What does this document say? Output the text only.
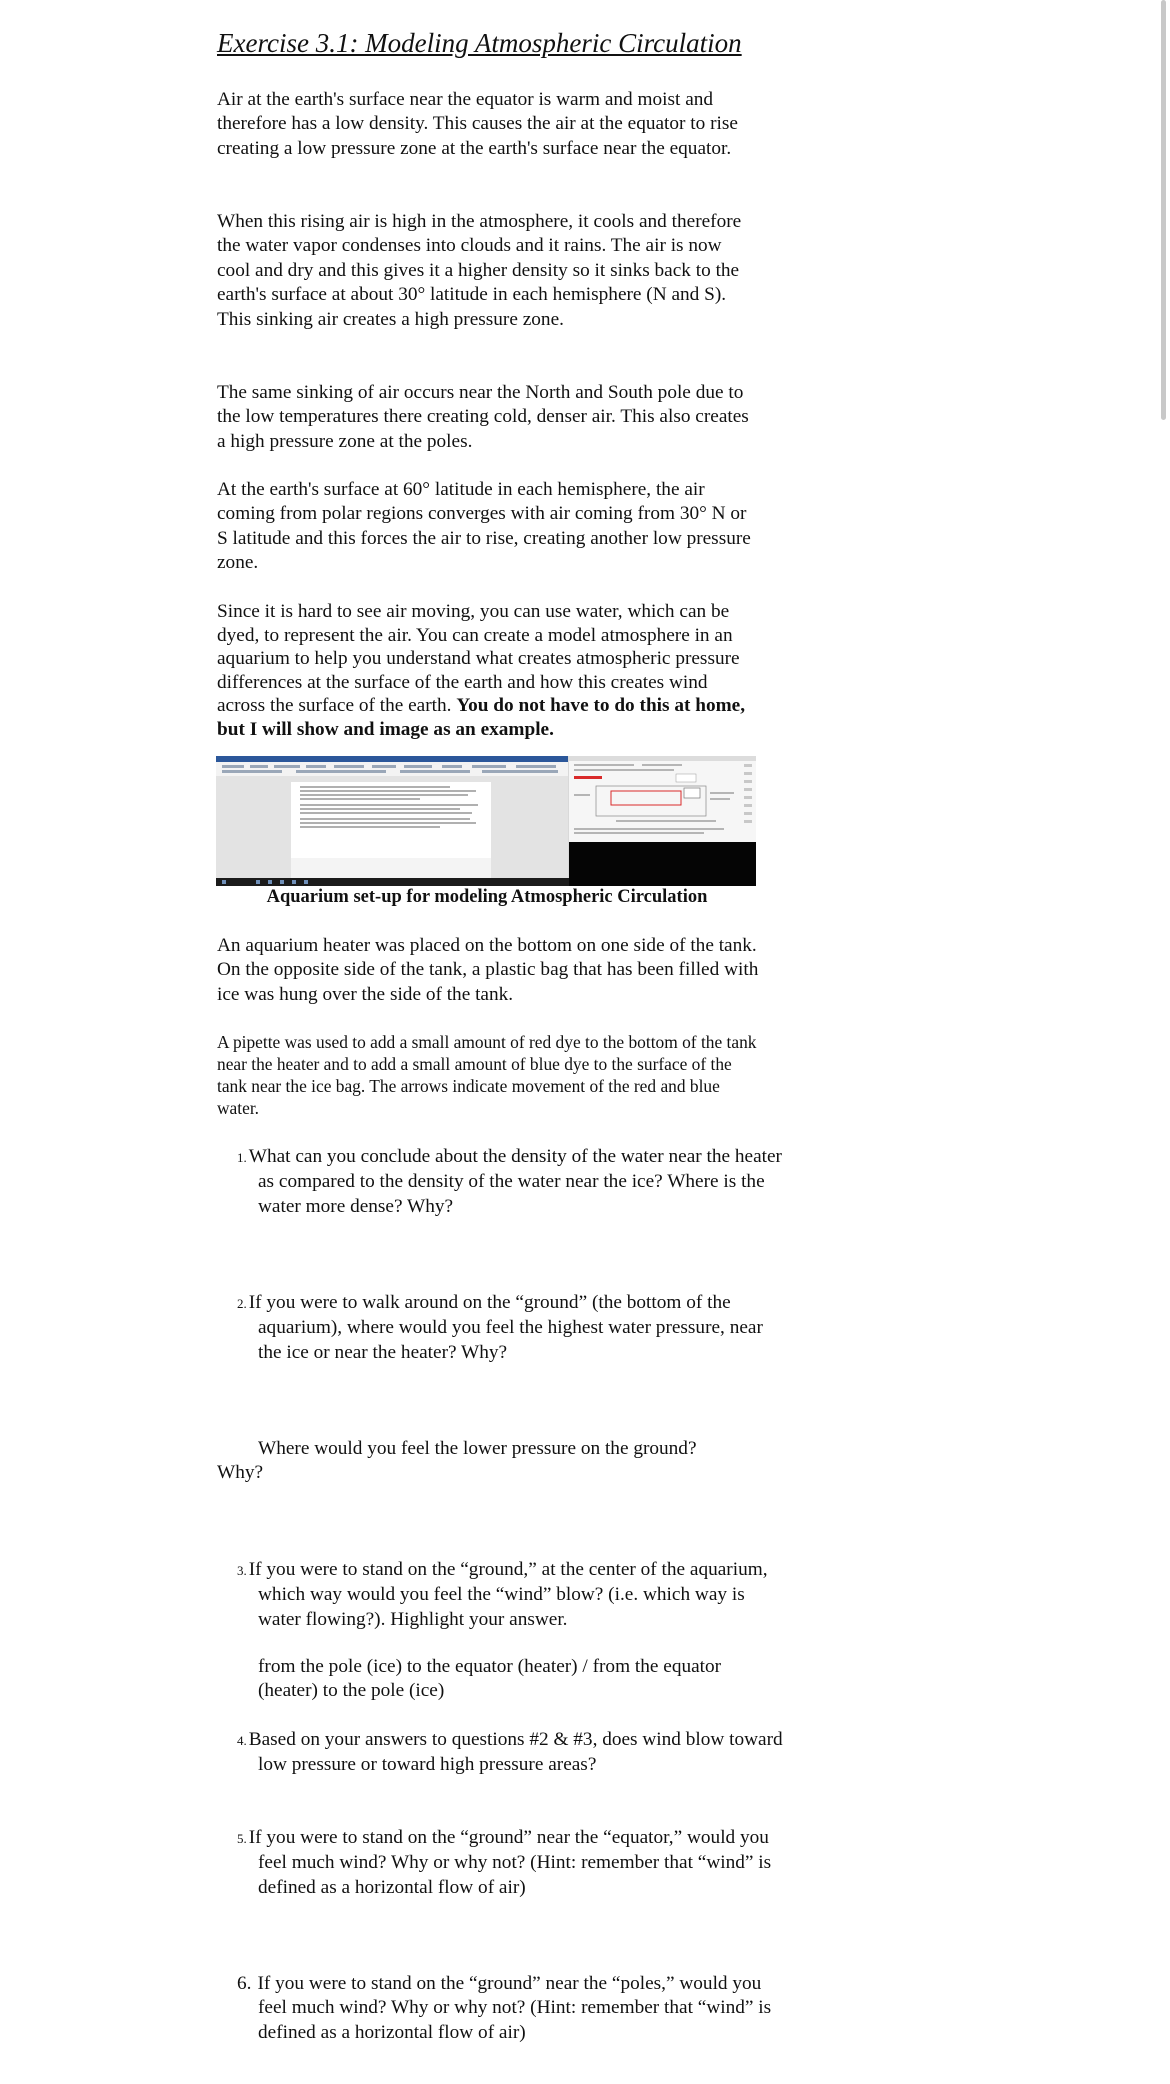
Exercise 3.1: Modeling Atmospheric Circulation

Air at the earth's surface near the equator is warm and moist and therefore has a low density. This causes the air at the equator to rise creating a low pressure zone at the earth's surface near the equator.

When this rising air is high in the atmosphere, it cools and therefore the water vapor condenses into clouds and it rains. The air is now cool and dry and this gives it a higher density so it sinks back to the earth's surface at about 30° latitude in each hemisphere (N and S). This sinking air creates a high pressure zone.

The same sinking of air occurs near the North and South pole due to the low temperatures there creating cold, denser air. This also creates a high pressure zone at the poles.

At the earth's surface at 60° latitude in each hemisphere, the air coming from polar regions converges with air coming from 30° N or S latitude and this forces the air to rise, creating another low pressure zone.

Since it is hard to see air moving, you can use water, which can be dyed, to represent the air. You can create a model atmosphere in an aquarium to help you understand what creates atmospheric pressure differences at the surface of the earth and how this creates wind across the surface of the earth. You do not have to do this at home, but I will show and image as an example.

Aquarium set-up for modeling Atmospheric Circulation

An aquarium heater was placed on the bottom on one side of the tank. On the opposite side of the tank, a plastic bag that has been filled with ice was hung over the side of the tank.

A pipette was used to add a small amount of red dye to the bottom of the tank near the heater and to add a small amount of blue dye to the surface of the tank near the ice bag. The arrows indicate movement of the red and blue water.

1. What can you conclude about the density of the water near the heater as compared to the density of the water near the ice? Where is the water more dense? Why?

2. If you were to walk around on the “ground” (the bottom of the aquarium), where would you feel the highest water pressure, near the ice or near the heater? Why?

Where would you feel the lower pressure on the ground? Why?

3. If you were to stand on the “ground,” at the center of the aquarium, which way would you feel the “wind” blow? (i.e. which way is water flowing?). Highlight your answer.

from the pole (ice) to the equator (heater) / from the equator (heater) to the pole (ice)

4. Based on your answers to questions #2 & #3, does wind blow toward low pressure or toward high pressure areas?

5. If you were to stand on the “ground” near the “equator,” would you feel much wind? Why or why not? (Hint: remember that “wind” is defined as a horizontal flow of air)

6. If you were to stand on the “ground” near the “poles,” would you feel much wind? Why or why not? (Hint: remember that “wind” is defined as a horizontal flow of air)
